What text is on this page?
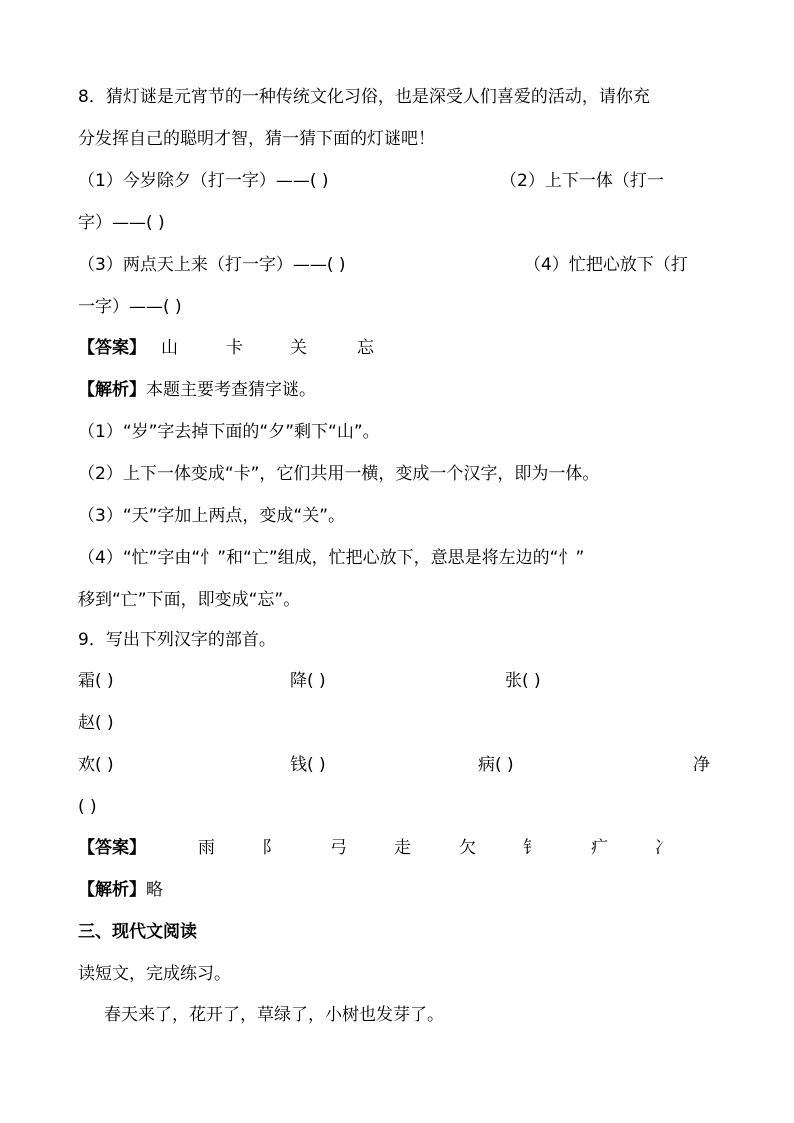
8．猜灯谜是元宵节的一种传统文化习俗，也是深受人们喜爱的活动，请你充
分发挥自己的聪明才智，猜一猜下面的灯谜吧！
（1）今岁除夕（打一字）——( )	（2）上下一体（打一
字）——( )
（3）两点天上来（打一字）——( )	（4）忙把心放下（打
一字）——( )
【答案】 山	卡	关	忘
【解析】本题主要考查猜字谜。
（1）“岁”字去掉下面的“夕”剩下“山”。
（2）上下一体变成“卡”，它们共用一横，变成一个汉字，即为一体。
（3）“天”字加上两点，变成“关”。
（4）“忙”字由“忄”和“亡”组成，忙把心放下，意思是将左边的“忄”
移到“亡”下面，即变成“忘”。
9．写出下列汉字的部首。
霜( )	降( )	张( )
赵( )
欢( )	钱( )	病( )	净
( )
【答案】	雨	阝	弓	走	欠	钅	疒	冫
【解析】略
三、现代文阅读
读短文，完成练习。
春天来了，花开了，草绿了，小树也发芽了。
